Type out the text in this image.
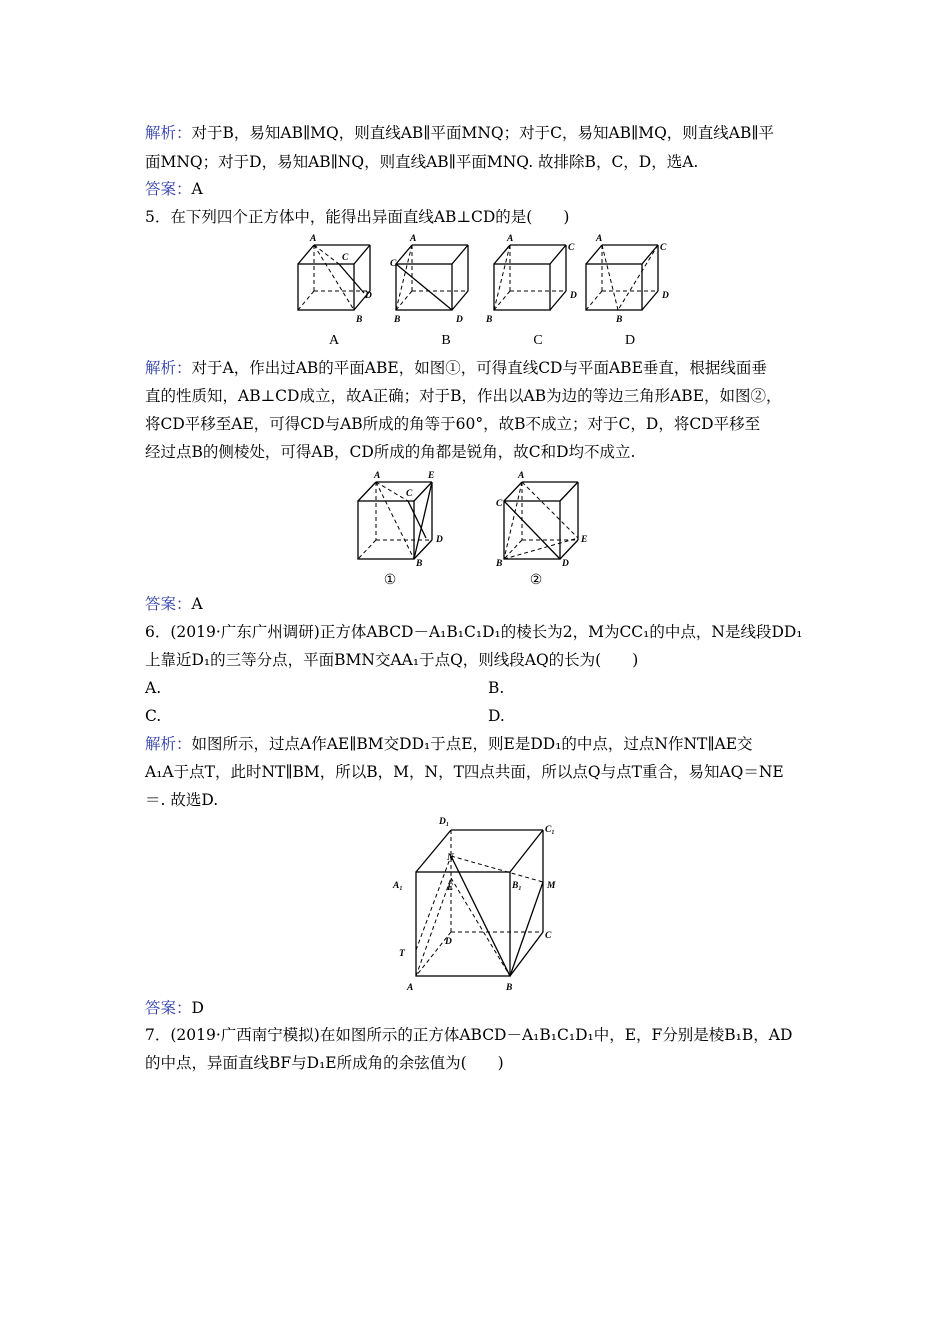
解析：对于B，易知AB∥MQ，则直线AB∥平面MNQ；对于C，易知AB∥MQ，则直线AB∥平
面MNQ；对于D，易知AB∥NQ，则直线AB∥平面MNQ. 故排除B，C，D，选A.
答案：A
5．在下列四个正方体中，能得出异面直线AB⊥CD的是(　　)
A
C
D
B
A
C
D
B
A
C
D
B
A
C
D
B
A	B	C	D
解析：对于A，作出过AB的平面ABE，如图①，可得直线CD与平面ABE垂直，根据线面垂
直的性质知，AB⊥CD成立，故A正确；对于B，作出以AB为边的等边三角形ABE，如图②，
将CD平移至AE，可得CD与AB所成的角等于60°，故B不成立；对于C，D，将CD平移至
经过点B的侧棱处，可得AB，CD所成的角都是锐角，故C和D均不成立.
A	E
C
D
B
①
A
C
E
B	D
②
答案：A
6．(2019·广东广州调研)正方体ABCD－A₁B₁C₁D₁的棱长为2，M为CC₁的中点，N是线段DD₁
上靠近D₁的三等分点，平面BMN交AA₁于点Q，则线段AQ的长为(　　)
A.	B.
C.	D.
解析：如图所示，过点A作AE∥BM交DD₁于点E，则E是DD₁的中点，过点N作NT∥AE交
A₁A于点T，此时NT∥BM，所以B，M，N，T四点共面，所以点Q与点T重合，易知AQ＝NE
＝. 故选D.
D₁
C₁
N
A₁	E	B₁	M
D
C
T
A	B
答案：D
7．(2019·广西南宁模拟)在如图所示的正方体ABCD－A₁B₁C₁D₁中，E，F分别是棱B₁B，AD
的中点，异面直线BF与D₁E所成角的余弦值为(　　)
